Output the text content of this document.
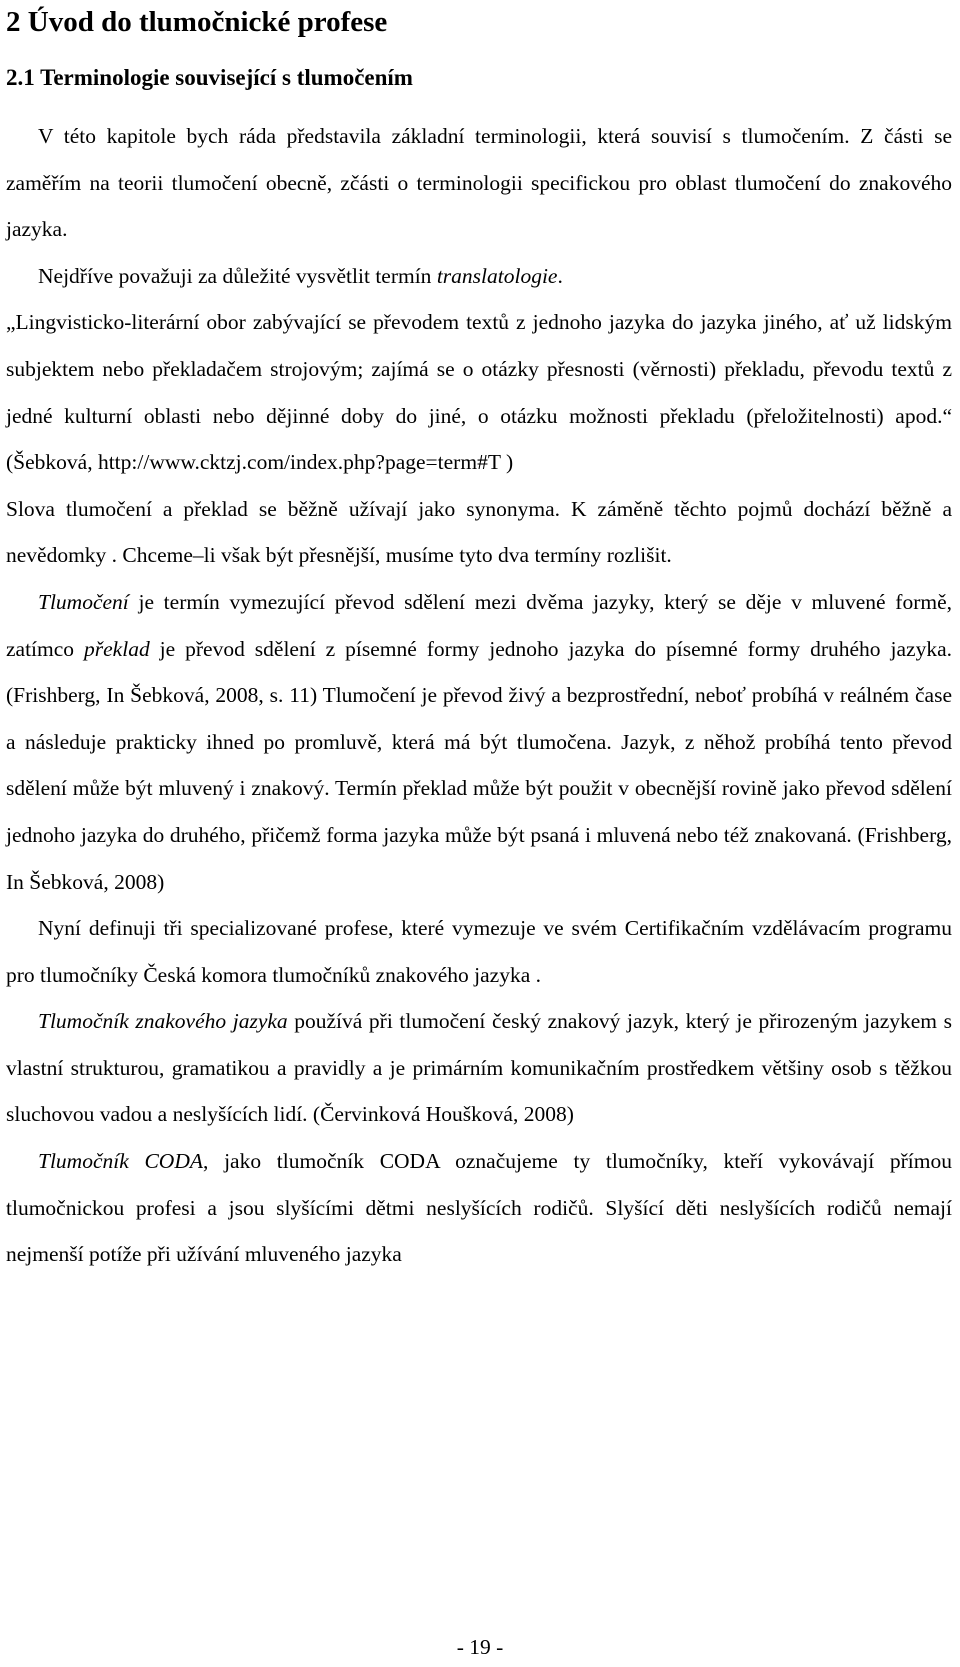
2 Úvod do tlumočnické profese
2.1 Terminologie související s tlumočením

V této kapitole bych ráda představila základní terminologii, která souvisí s tlumočením. Z části se zaměřím na teorii tlumočení obecně, zčásti o terminologii specifickou pro oblast tlumočení do znakového jazyka.

Nejdříve považuji za důležité vysvětlit termín translatologie.

„Lingvisticko-literární obor zabývající se převodem textů z jednoho jazyka do jazyka jiného, ať už lidským subjektem nebo překladačem strojovým; zajímá se o otázky přesnosti (věrnosti) překladu, převodu textů z jedné kulturní oblasti nebo dějinné doby do jiné, o otázku možnosti překladu (přeložitelnosti) apod.“ (Šebková, http://www.cktzj.com/index.php?page=term#T )

Slova tlumočení a překlad se běžně užívají jako synonyma. K záměně těchto pojmů dochází běžně a nevědomky . Chceme–li však být přesnější, musíme tyto dva termíny rozlišit.

Tlumočení je termín vymezující převod sdělení mezi dvěma jazyky, který se děje v mluvené formě, zatímco překlad je převod sdělení z písemné formy jednoho jazyka do písemné formy druhého jazyka. (Frishberg, In Šebková, 2008, s. 11) Tlumočení je převod živý a bezprostřední, neboť probíhá v reálném čase a následuje prakticky ihned po promluvě, která má být tlumočena. Jazyk, z něhož probíhá tento převod sdělení může být mluvený i znakový. Termín překlad může být použit v obecnější rovině jako převod sdělení jednoho jazyka do druhého, přičemž forma jazyka může být psaná i mluvená nebo též znakovaná. (Frishberg, In Šebková, 2008)

Nyní definuji tři specializované profese, které vymezuje ve svém Certifikačním vzdělávacím programu pro tlumočníky Česká komora tlumočníků znakového jazyka .

Tlumočník znakového jazyka používá při tlumočení český znakový jazyk, který je přirozeným jazykem s vlastní strukturou, gramatikou a pravidly a je primárním komunikačním prostředkem většiny osob s těžkou sluchovou vadou a neslyšících lidí. (Červinková Houšková, 2008)

Tlumočník CODA, jako tlumočník CODA označujeme ty tlumočníky, kteří vykovávají přímou tlumočnickou profesi a jsou slyšícími dětmi neslyšících rodičů. Slyšící děti neslyšících rodičů nemají nejmenší potíže při užívání mluveného jazyka

- 19 -
